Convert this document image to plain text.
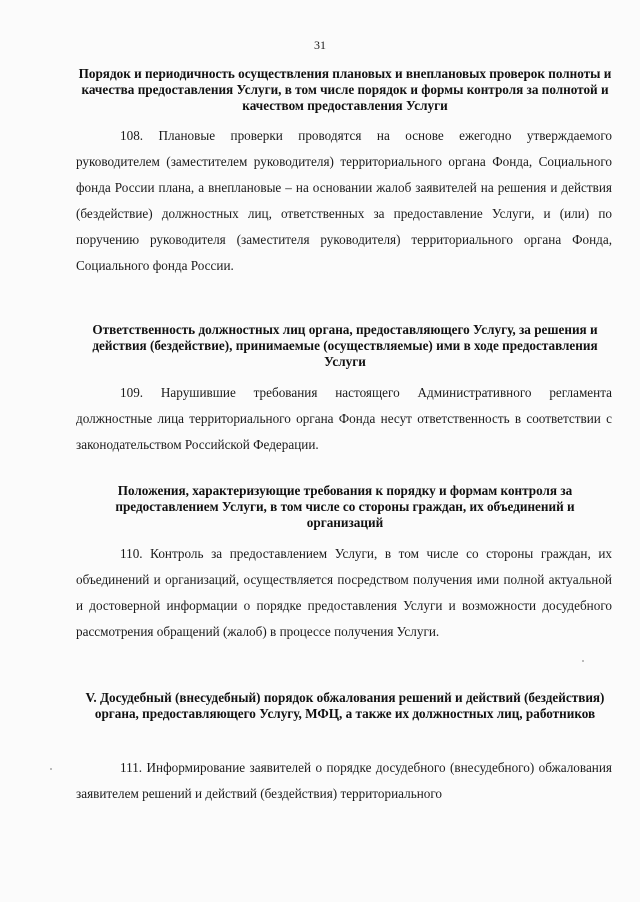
31
Порядок и периодичность осуществления плановых и внеплановых проверок полноты и качества предоставления Услуги, в том числе порядок и формы контроля за полнотой и качеством предоставления Услуги
108. Плановые проверки проводятся на основе ежегодно утверждаемого руководителем (заместителем руководителя) территориального органа Фонда, Социального фонда России плана, а внеплановые – на основании жалоб заявителей на решения и действия (бездействие) должностных лиц, ответственных за предоставление Услуги, и (или) по поручению руководителя (заместителя руководителя) территориального органа Фонда, Социального фонда России.
Ответственность должностных лиц органа, предоставляющего Услугу, за решения и действия (бездействие), принимаемые (осуществляемые) ими в ходе предоставления Услуги
109. Нарушившие требования настоящего Административного регламента должностные лица территориального органа Фонда несут ответственность в соответствии с законодательством Российской Федерации.
Положения, характеризующие требования к порядку и формам контроля за предоставлением Услуги, в том числе со стороны граждан, их объединений и организаций
110. Контроль за предоставлением Услуги, в том числе со стороны граждан, их объединений и организаций, осуществляется посредством получения ими полной актуальной и достоверной информации о порядке предоставления Услуги и возможности досудебного рассмотрения обращений (жалоб) в процессе получения Услуги.
V. Досудебный (внесудебный) порядок обжалования решений и действий (бездействия) органа, предоставляющего Услугу, МФЦ, а также их должностных лиц, работников
111. Информирование заявителей о порядке досудебного (внесудебного) обжалования заявителем решений и действий (бездействия) территориального
